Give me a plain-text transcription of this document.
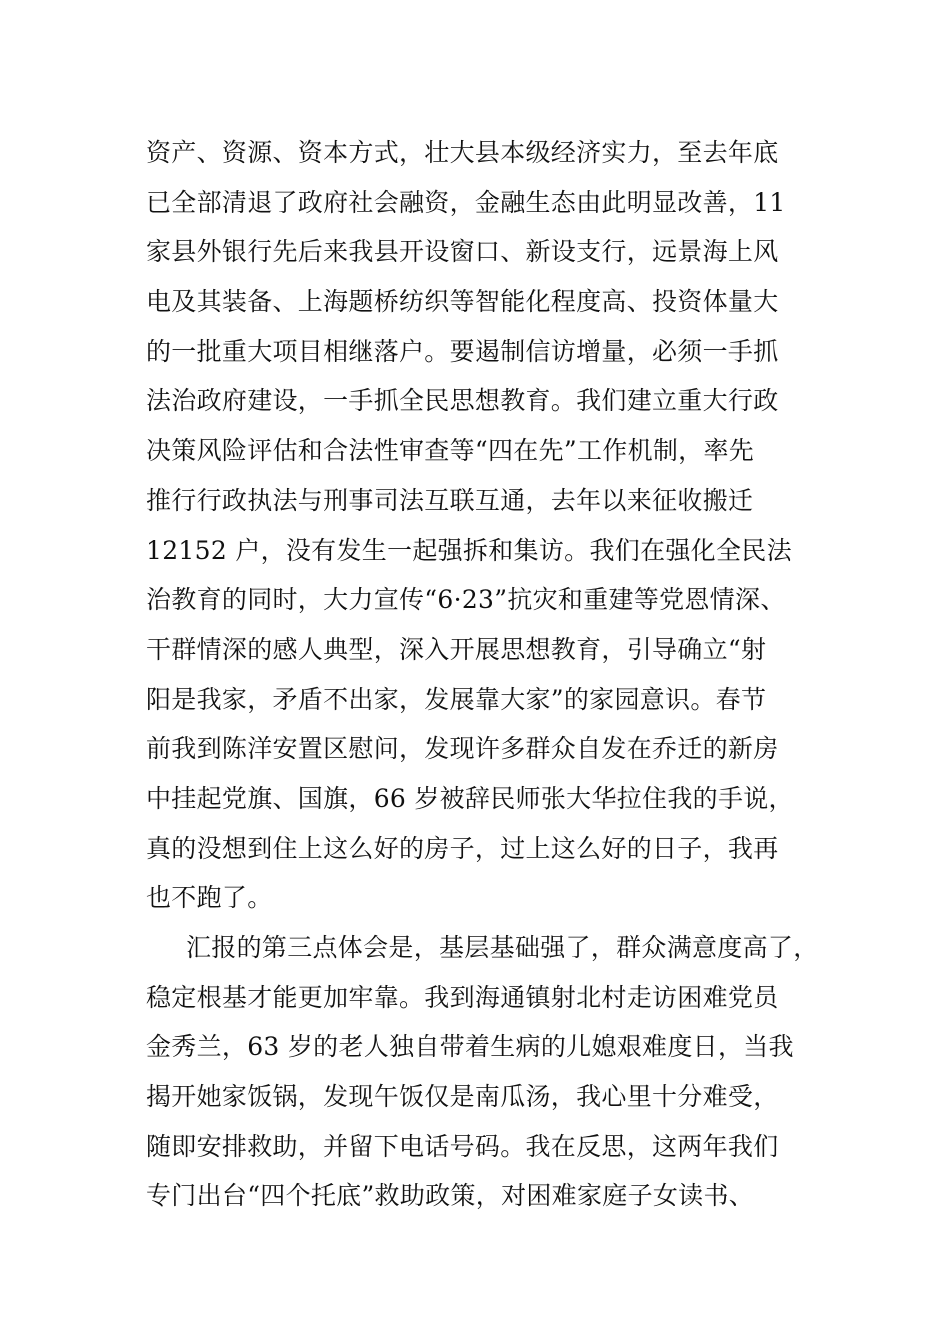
资产、资源、资本方式，壮大县本级经济实力，至去年底
已全部清退了政府社会融资，金融生态由此明显改善，11
家县外银行先后来我县开设窗口、新设支行，远景海上风
电及其装备、上海题桥纺织等智能化程度高、投资体量大
的一批重大项目相继落户。要遏制信访增量，必须一手抓
法治政府建设，一手抓全民思想教育。我们建立重大行政
决策风险评估和合法性审查等“四在先”工作机制，率先
推行行政执法与刑事司法互联互通，去年以来征收搬迁
12152 户，没有发生一起强拆和集访。我们在强化全民法
治教育的同时，大力宣传“6·23”抗灾和重建等党恩情深、
干群情深的感人典型，深入开展思想教育，引导确立“射
阳是我家，矛盾不出家，发展靠大家”的家园意识。春节
前我到陈洋安置区慰问，发现许多群众自发在乔迁的新房
中挂起党旗、国旗，66 岁被辞民师张大华拉住我的手说，
真的没想到住上这么好的房子，过上这么好的日子，我再
也不跑了。
汇报的第三点体会是，基层基础强了，群众满意度高了，
稳定根基才能更加牢靠。我到海通镇射北村走访困难党员
金秀兰，63 岁的老人独自带着生病的儿媳艰难度日，当我
揭开她家饭锅，发现午饭仅是南瓜汤，我心里十分难受，
随即安排救助，并留下电话号码。我在反思，这两年我们
专门出台“四个托底”救助政策，对困难家庭子女读书、
